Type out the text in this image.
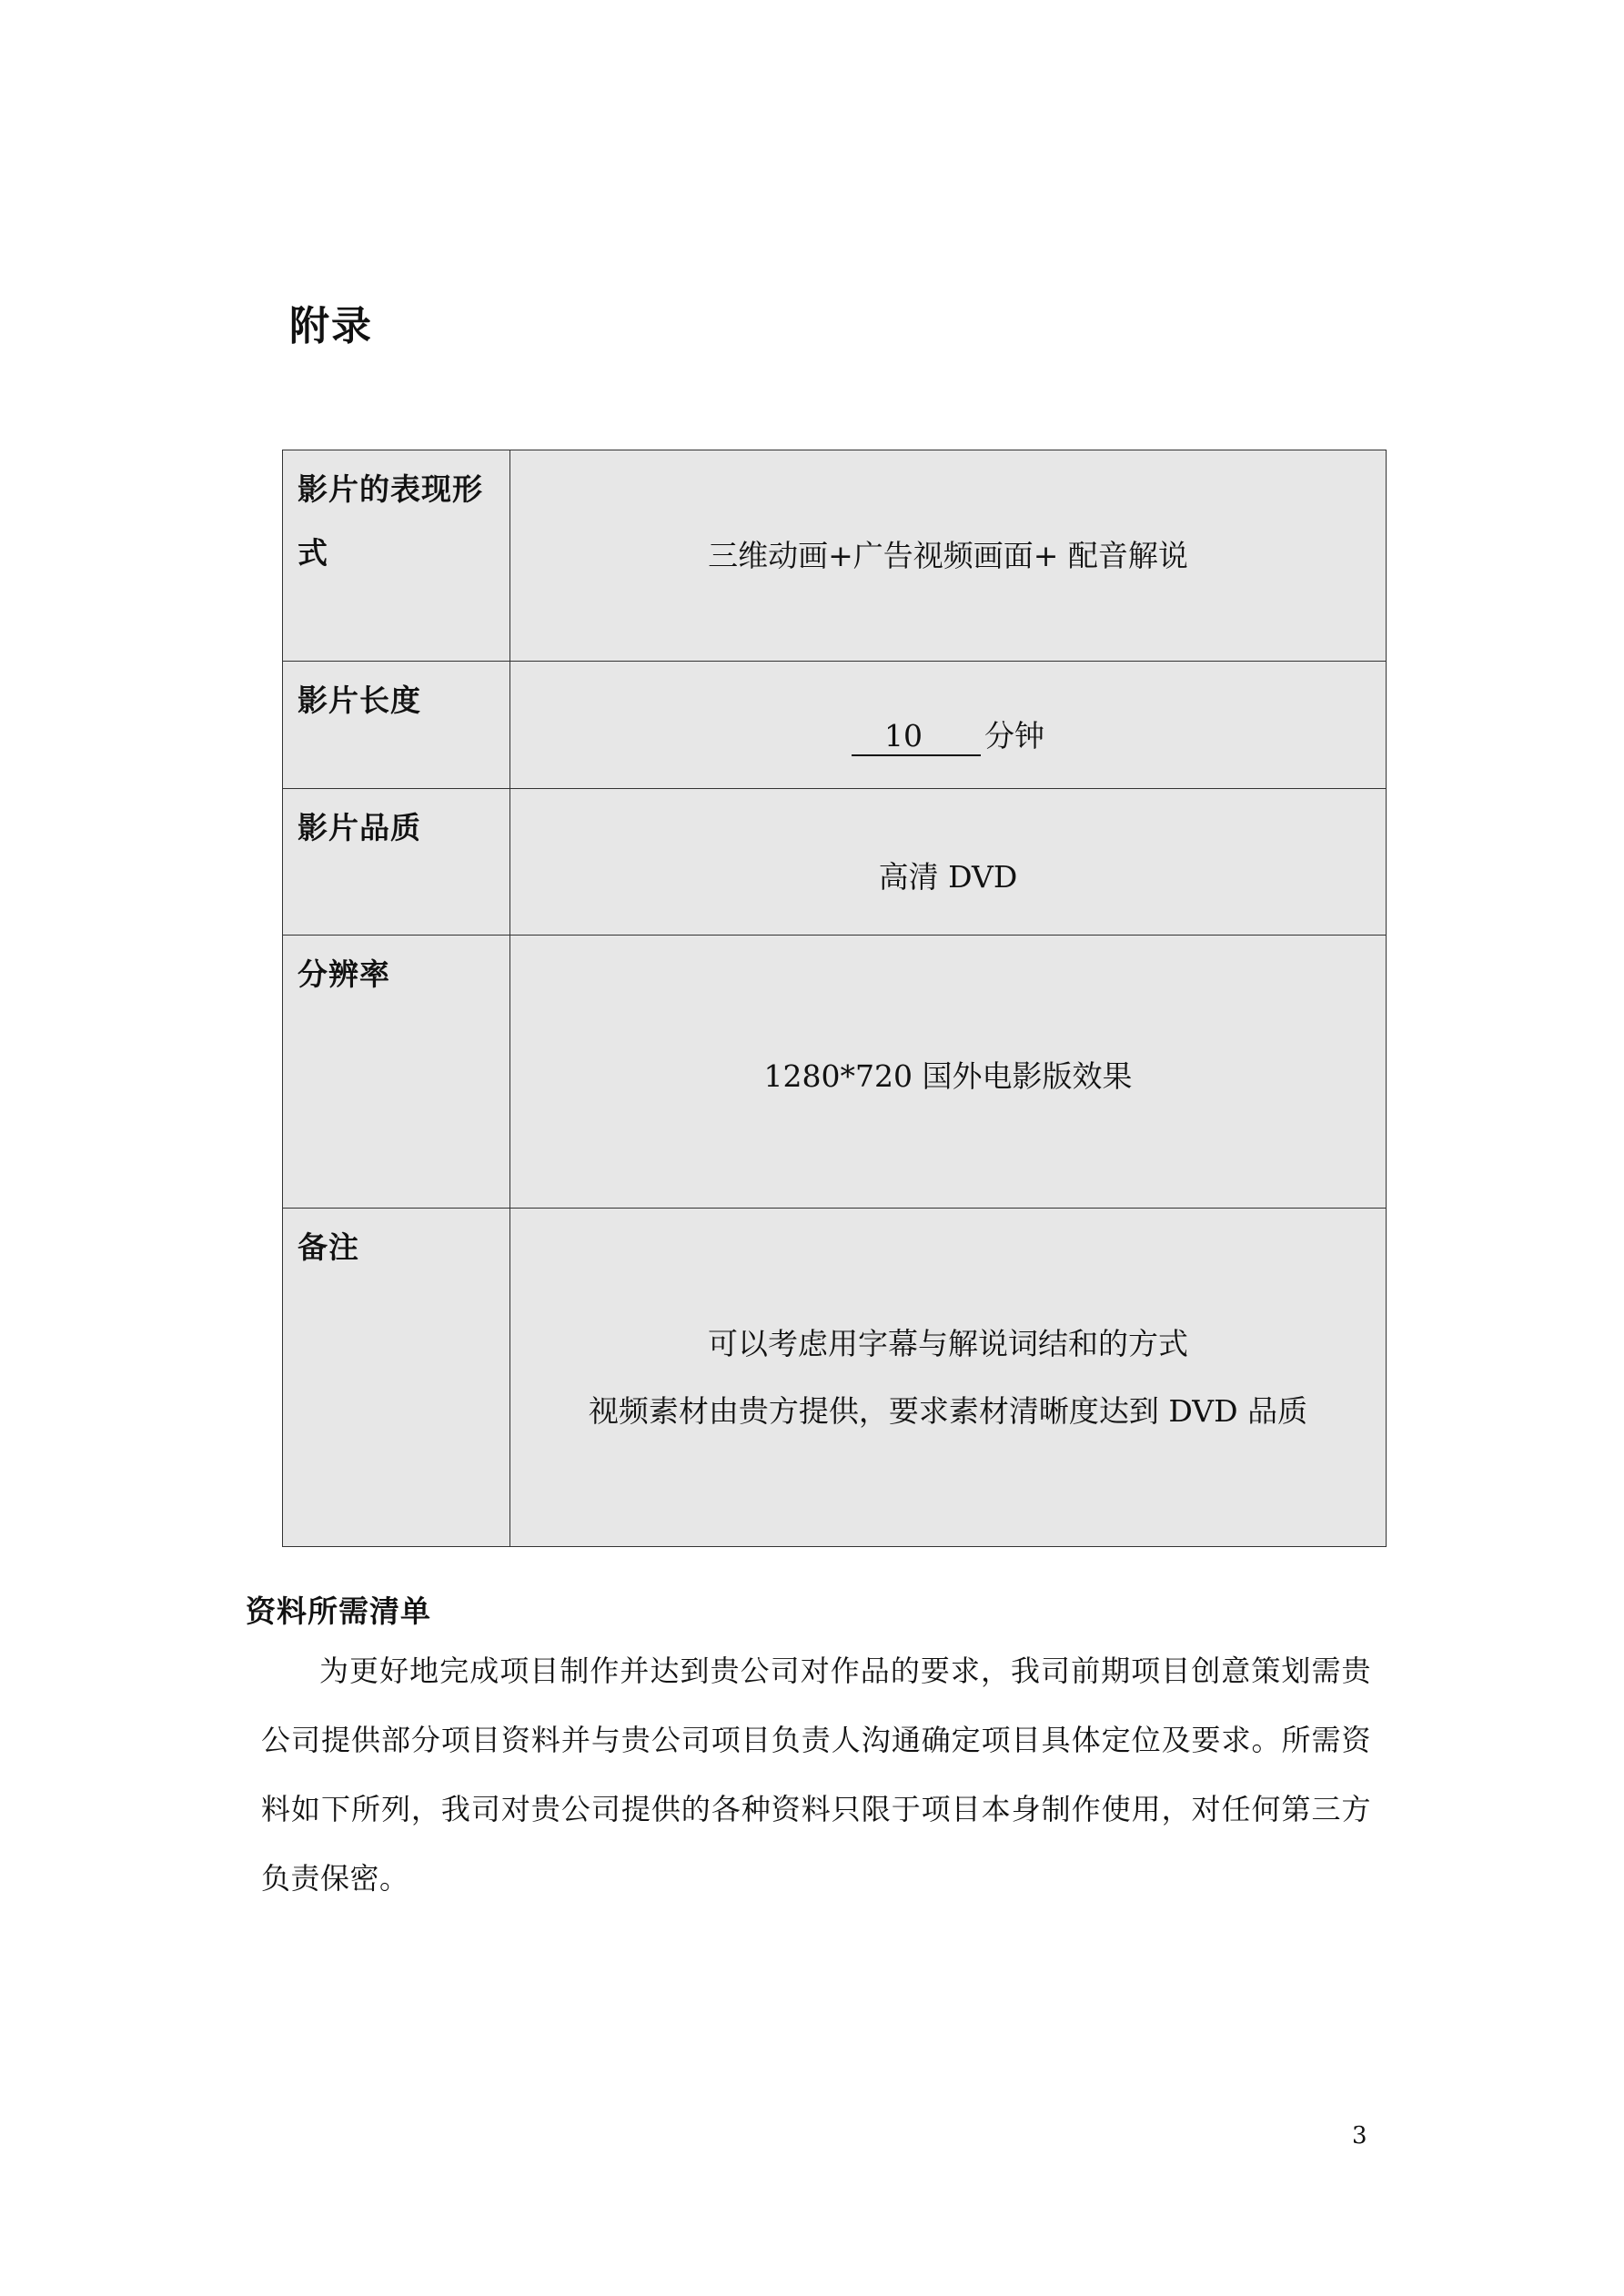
附录
影片的表现形式	三维动画+广告视频画面+ 配音解说
影片长度	10 分钟
影片品质	高清 DVD
分辨率	1280*720 国外电影版效果
备注	可以考虑用字幕与解说词结和的方式
视频素材由贵方提供，要求素材清晰度达到 DVD 品质
资料所需清单

为更好地完成项目制作并达到贵公司对作品的要求，我司前期项目创意策划需贵公司提供部分项目资料并与贵公司项目负责人沟通确定项目具体定位及要求。所需资料如下所列，我司对贵公司提供的各种资料只限于项目本身制作使用，对任何第三方负责保密。

3
